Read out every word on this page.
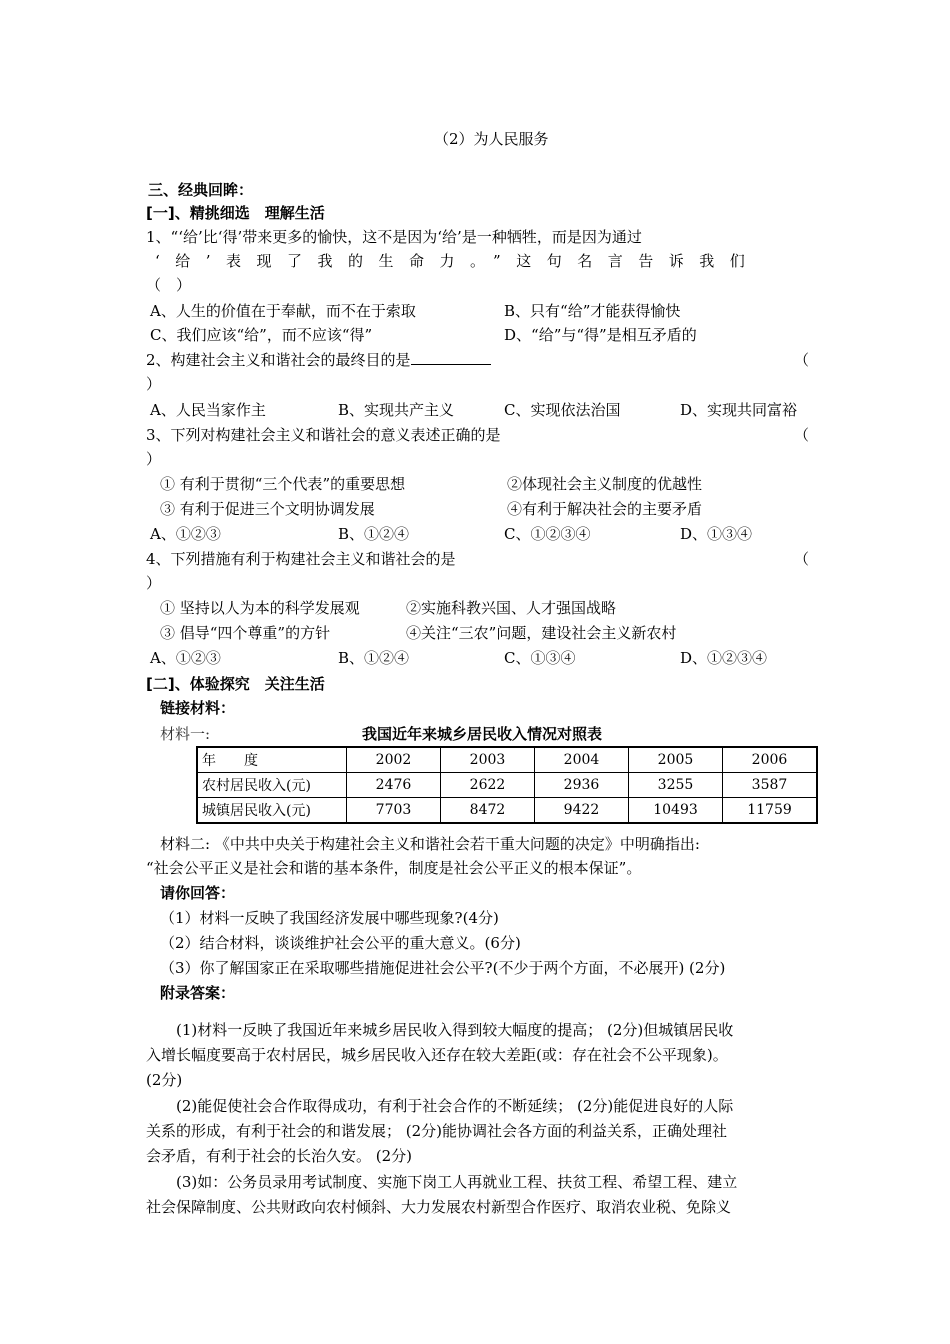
（2）为人民服务
三、经典回眸：
[一]、精挑细选　理解生活
1、“‘给’比‘得’带来更多的愉快，这不是因为‘给’是一种牺牲，而是因为通过
‘给’表现了我的生命力。”这句名言告诉我们
（　）
A、人生的价值在于奉献，而不在于索取	B、只有“给”才能获得愉快
C、我们应该“给”，而不应该“得”	D、“给”与“得”是相互矛盾的
2、构建社会主义和谐社会的最终目的是	（
）
A、人民当家作主	B、实现共产主义	C、实现依法治国	D、实现共同富裕
3、下列对构建社会主义和谐社会的意义表述正确的是	（
）
① 有利于贯彻“三个代表”的重要思想	②体现社会主义制度的优越性
③ 有利于促进三个文明协调发展	④有利于解决社会的主要矛盾
A、①②③	B、①②④	C、①②③④	D、①③④
4、下列措施有利于构建社会主义和谐社会的是	（
）
① 坚持以人为本的科学发展观	②实施科教兴国、人才强国战略
③ 倡导“四个尊重”的方针	④关注“三农”问题，建设社会主义新农村
A、①②③	B、①②④	C、①③④	D、①②③④
[二]、体验探究　关注生活
链接材料：
材料一:	我国近年来城乡居民收入情况对照表
年　　度	2002	2003	2004	2005	2006
农村居民收入(元)	2476	2622	2936	3255	3587
城镇居民收入(元)	7703	8472	9422	10493	11759
材料二: 《中共中央关于构建社会主义和谐社会若干重大问题的决定》中明确指出:
“社会公平正义是社会和谐的基本条件，制度是社会公平正义的根本保证”。
请你回答：
（1）材料一反映了我国经济发展中哪些现象?(4分)
（2）结合材料，谈谈维护社会公平的重大意义。(6分)
（3）你了解国家正在采取哪些措施促进社会公平?(不少于两个方面，不必展开) (2分)
附录答案：
(1)材料一反映了我国近年来城乡居民收入得到较大幅度的提高； (2分)但城镇居民收
入增长幅度要高于农村居民，城乡居民收入还存在较大差距(或：存在社会不公平现象)。
(2分)
(2)能促使社会合作取得成功，有利于社会合作的不断延续； (2分)能促进良好的人际
关系的形成，有利于社会的和谐发展； (2分)能协调社会各方面的利益关系，正确处理社
会矛盾，有利于社会的长治久安。 (2分)
(3)如：公务员录用考试制度、实施下岗工人再就业工程、扶贫工程、希望工程、建立
社会保障制度、公共财政向农村倾斜、大力发展农村新型合作医疗、取消农业税、免除义
